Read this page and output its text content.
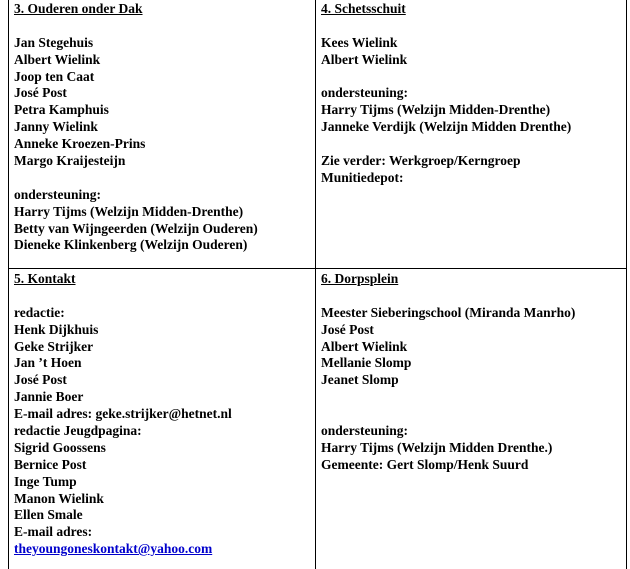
3. Ouderen onder Dak
Jan Stegehuis
Albert Wielink
Joop ten Caat
José Post
Petra Kamphuis
Janny Wielink
Anneke Kroezen-Prins
Margo Kraijesteijn
ondersteuning:
Harry Tijms (Welzijn Midden-Drenthe)
Betty van Wijngeerden (Welzijn Ouderen)
Dieneke Klinkenberg (Welzijn Ouderen)
4. Schetsschuit
Kees Wielink
Albert Wielink
ondersteuning:
Harry Tijms (Welzijn Midden-Drenthe)
Janneke Verdijk (Welzijn Midden Drenthe)
Zie verder: Werkgroep/Kerngroep
Munitiedepot:
5. Kontakt
redactie:
Henk Dijkhuis
Geke Strijker
Jan ’t Hoen
José Post
Jannie Boer
E-mail adres: geke.strijker@hetnet.nl
redactie Jeugdpagina:
Sigrid Goossens
Bernice Post
Inge Tump
Manon Wielink
Ellen Smale
E-mail adres:
theyoungoneskontakt@yahoo.com
6. Dorpsplein
Meester Sieberingschool (Miranda Manrho)
José Post
Albert Wielink
Mellanie Slomp
Jeanet Slomp
ondersteuning:
Harry Tijms (Welzijn Midden Drenthe.)
Gemeente: Gert Slomp/Henk Suurd
